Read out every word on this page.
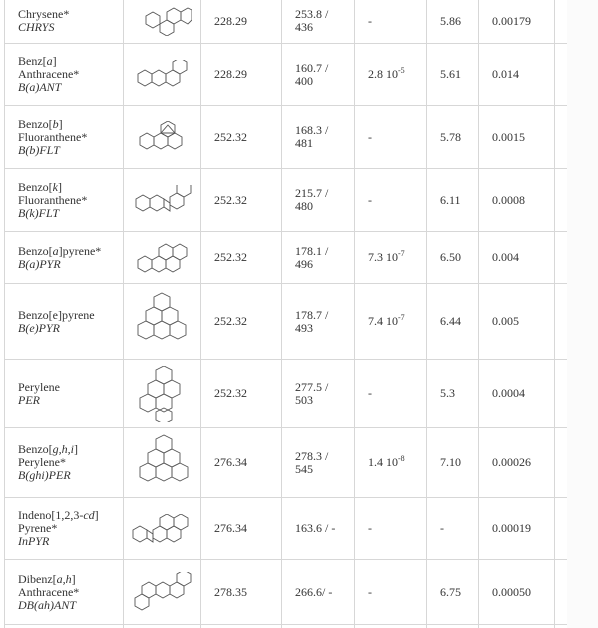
Chrysene*
CHRYS		228.29	253.8 /
436	-	5.86	0.00179	

Benz[a]
Anthracene*
B(a)ANT		228.29	160.7 /
400	2.8 $10^{-5}$	5.61	0.014	

Benzo[b]
Fluoranthene*
B(b)FLT		252.32	168.3 /
481	-	5.78	0.0015	

Benzo[k]
Fluoranthene*
B(k)FLT		252.32	215.7 /
480	-	6.11	0.0008	

Benzo[a]pyrene*
B(a)PYR		252.32	178.1 /
496	7.3 $10^{-7}$	6.50	0.004	

Benzo[e]pyrene
B(e)PYR		252.32	178.7 /
493	7.4 $10^{-7}$	6.44	0.005	

Perylene
PER		252.32	277.5 /
503	-	5.3	0.0004	

Benzo[g,h,i]
Perylene*
B(ghi)PER		276.34	278.3 /
545	1.4 $10^{-8}$	7.10	0.00026	

Indeno[1,2,3-cd]
Pyrene*
InPYR		276.34	163.6 / -	-	-	0.00019	

Dibenz[a,h]
Anthracene*
DB(ah)ANT		278.35	266.6/ -	-	6.75	0.00050	
